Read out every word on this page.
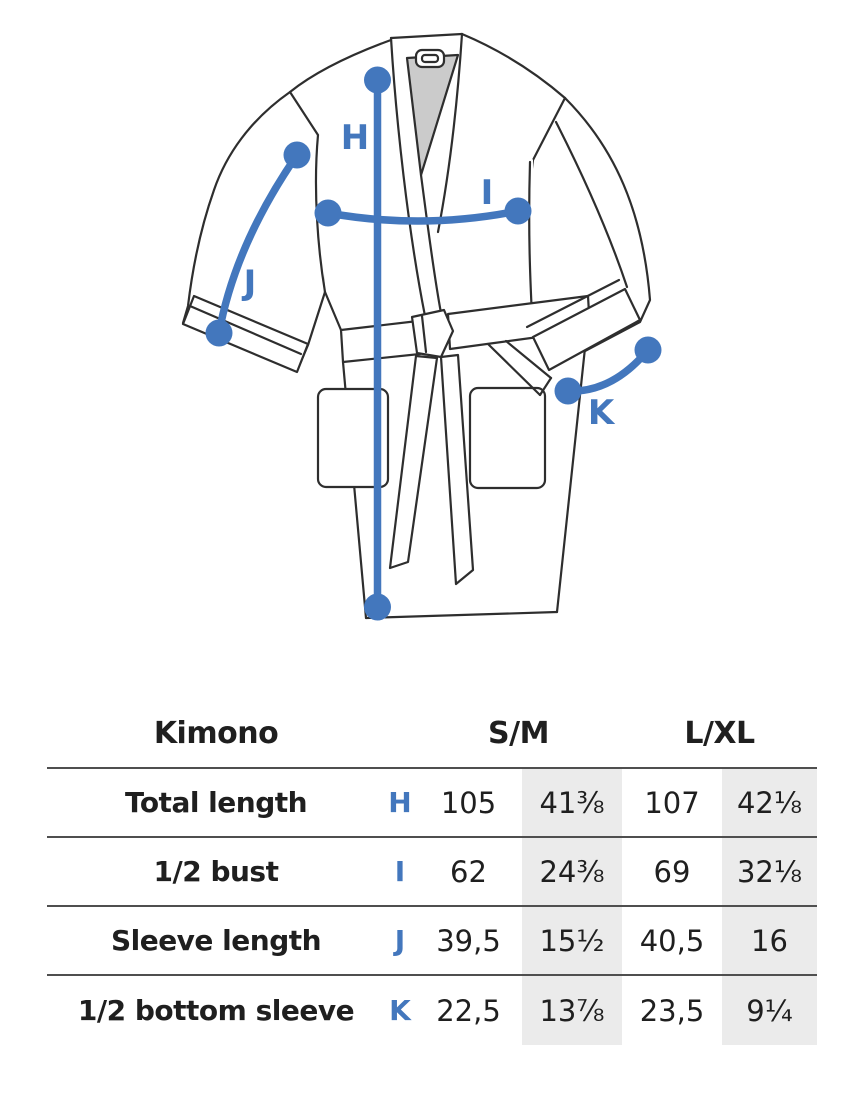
H
I
J
K
Kimono	S/M	L/XL
Total length	H	105	41⅜	107	42⅛
1/2 bust	I	62	24⅜	69	32⅛
Sleeve length	J	39,5	15½	40,5	16
1/2 bottom sleeve	K 22,5	13⅞	23,5	9¼
